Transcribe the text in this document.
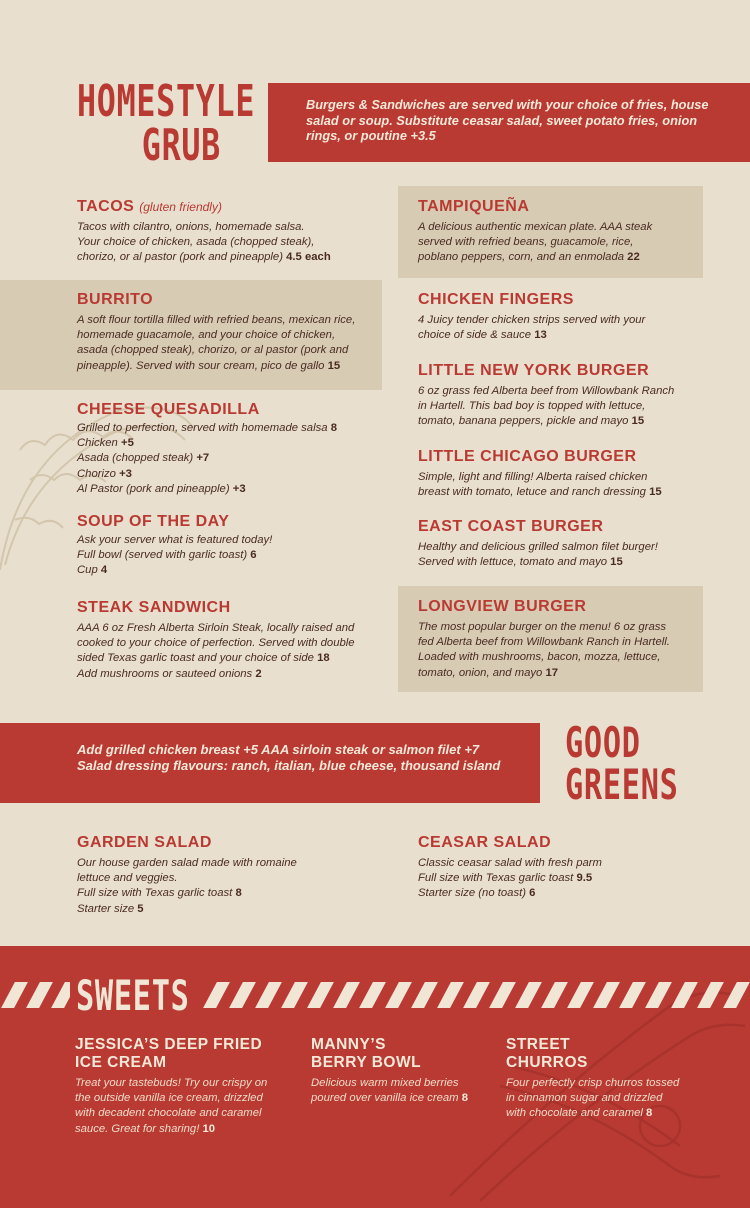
HOMESTYLE
GRUB
Burgers & Sandwiches are served with your choice of fries, house salad or soup. Substitute ceasar salad, sweet potato fries, onion rings, or poutine +3.5
TACOS (gluten friendly)
Tacos with cilantro, onions, homemade salsa.
Your choice of chicken, asada (chopped steak),
chorizo, or al pastor (pork and pineapple) 4.5 each
BURRITO
A soft flour tortilla filled with refried beans, mexican rice,
homemade guacamole, and your choice of chicken,
asada (chopped steak), chorizo, or al pastor (pork and
pineapple). Served with sour cream, pico de gallo 15
CHEESE QUESADILLA
Grilled to perfection, served with homemade salsa 8
Chicken +5
Asada (chopped steak) +7
Chorizo +3
Al Pastor (pork and pineapple) +3
SOUP OF THE DAY
Ask your server what is featured today!
Full bowl (served with garlic toast) 6
Cup 4
STEAK SANDWICH
AAA 6 oz Fresh Alberta Sirloin Steak, locally raised and
cooked to your choice of perfection. Served with double
sided Texas garlic toast and your choice of side 18
Add mushrooms or sauteed onions 2
TAMPIQUEÑA
A delicious authentic mexican plate. AAA steak
served with refried beans, guacamole, rice,
poblano peppers, corn, and an enmolada 22
CHICKEN FINGERS
4 Juicy tender chicken strips served with your
choice of side & sauce 13
LITTLE NEW YORK BURGER
6 oz grass fed Alberta beef from Willowbank Ranch
in Hartell. This bad boy is topped with lettuce,
tomato, banana peppers, pickle and mayo 15
LITTLE CHICAGO BURGER
Simple, light and filling! Alberta raised chicken
breast with tomato, letuce and ranch dressing 15
EAST COAST BURGER
Healthy and delicious grilled salmon filet burger!
Served with lettuce, tomato and mayo 15
LONGVIEW BURGER
The most popular burger on the menu! 6 oz grass
fed Alberta beef from Willowbank Ranch in Hartell.
Loaded with mushrooms, bacon, mozza, lettuce,
tomato, onion, and mayo 17
Add grilled chicken breast +5 AAA sirloin steak or salmon filet +7
Salad dressing flavours: ranch, italian, blue cheese, thousand island	GOOD
GREENS
GARDEN SALAD
Our house garden salad made with romaine
lettuce and veggies.
Full size with Texas garlic toast 8
Starter size 5
CEASAR SALAD
Classic ceasar salad with fresh parm
Full size with Texas garlic toast 9.5
Starter size (no toast) 6
SWEETS
JESSICA’S DEEP FRIED
ICE CREAM
Treat your tastebuds! Try our crispy on
the outside vanilla ice cream, drizzled
with decadent chocolate and caramel
sauce. Great for sharing! 10
MANNY’S
BERRY BOWL
Delicious warm mixed berries
poured over vanilla ice cream 8
STREET
CHURROS
Four perfectly crisp churros tossed
in cinnamon sugar and drizzled
with chocolate and caramel 8
